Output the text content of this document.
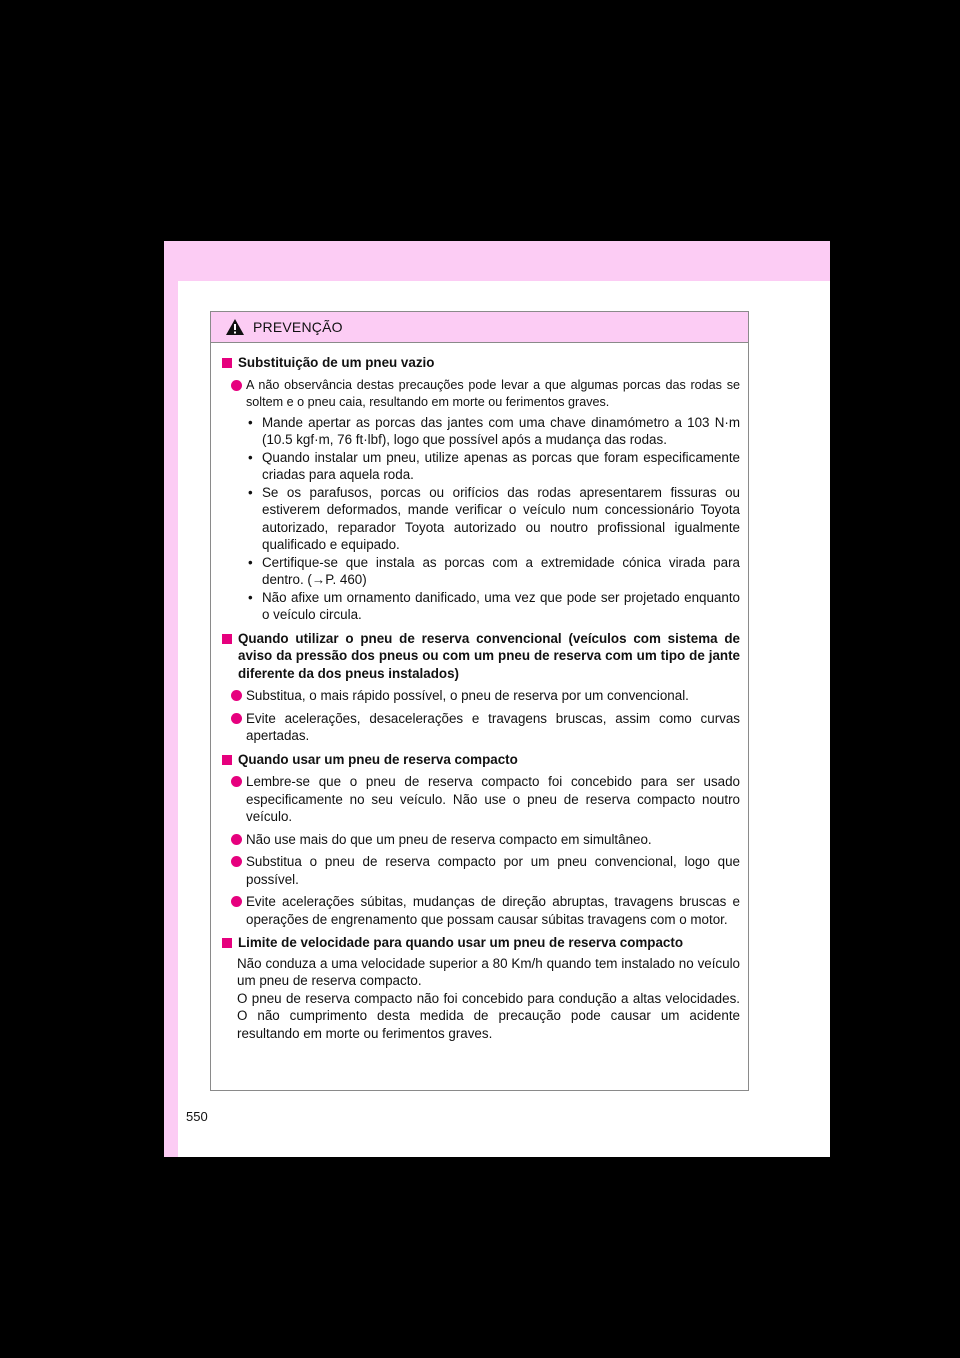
PREVENÇÃO
Substituição de um pneu vazio
A não observância destas precauções pode levar a que algumas porcas das rodas se soltem e o pneu caia, resultando em morte ou ferimentos graves.
• Mande apertar as porcas das jantes com uma chave dinamómetro a 103 N·m (10.5 kgf·m, 76 ft·lbf), logo que possível após a mudança das rodas.
• Quando instalar um pneu, utilize apenas as porcas que foram especificamente criadas para aquela roda.
• Se os parafusos, porcas ou orifícios das rodas apresentarem fissuras ou estiverem deformados, mande verificar o veículo num concessionário Toyota autorizado, reparador Toyota autorizado ou noutro profissional igualmente qualificado e equipado.
• Certifique-se que instala as porcas com a extremidade cónica virada para dentro. (→P. 460)
• Não afixe um ornamento danificado, uma vez que pode ser projetado enquanto o veículo circula.
Quando utilizar o pneu de reserva convencional (veículos com sistema de aviso da pressão dos pneus ou com um pneu de reserva com um tipo de jante diferente da dos pneus instalados)
Substitua, o mais rápido possível, o pneu de reserva por um convencional.
Evite acelerações, desacelerações e travagens bruscas, assim como curvas apertadas.
Quando usar um pneu de reserva compacto
Lembre-se que o pneu de reserva compacto foi concebido para ser usado especificamente no seu veículo. Não use o pneu de reserva compacto noutro veículo.
Não use mais do que um pneu de reserva compacto em simultâneo.
Substitua o pneu de reserva compacto por um pneu convencional, logo que possível.
Evite acelerações súbitas, mudanças de direção abruptas, travagens bruscas e operações de engrenamento que possam causar súbitas travagens com o motor.
Limite de velocidade para quando usar um pneu de reserva compacto
Não conduza a uma velocidade superior a 80 Km/h quando tem instalado no veículo um pneu de reserva compacto.
O pneu de reserva compacto não foi concebido para condução a altas velocidades. O não cumprimento desta medida de precaução pode causar um acidente resultando em morte ou ferimentos graves.
550
